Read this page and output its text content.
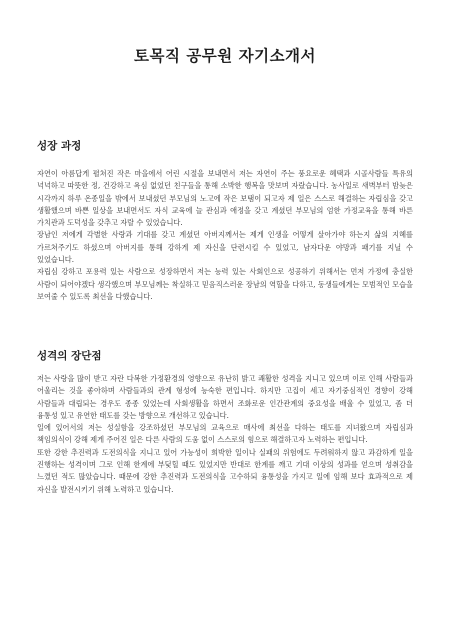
토목직 공무원 자기소개서
성장 과정

자연이 아름답게 펼쳐진 작은 마을에서 어린 시절을 보내면서 저는 자연이 주는 풍요로운 혜택과 시골사람들 특유의 넉넉하고 따뜻한 정, 건강하고 욕심 없었던 친구들을 통해 소박한 행복을 맛보며 자랐습니다. 농사일로 새벽부터 밤늦은 시각까지 하루 온종일을 밖에서 보내셨던 부모님의 노고에 작은 보탬이 되고자 제 일은 스스로 해결하는 자립심을 갖고 생활했으며 바쁜 일상을 보내면서도 자식 교육에 늘 관심과 애정을 갖고 계셨던 부모님의 엄한 가정교육을 통해 바른 가치관과 도덕성을 갖추고 자랄 수 있었습니다.

장남인 저에게 각별한 사랑과 기대를 갖고 계셨던 아버지께서는 제게 인생을 어떻게 살아가야 하는지 삶의 지혜를 가르쳐주기도 하셨으며 아버지를 통해 강하게 제 자신을 단련시킬 수 있었고, 남자다운 야망과 패기를 지닐 수 있었습니다.

자립심 강하고 포용력 있는 사람으로 성장하면서 저는 능력 있는 사회인으로 성공하기 위해서는 먼저 가정에 충실한 사람이 되어야겠다 생각했으며 부모님께는 착실하고 믿음직스러운 장남의 역할을 다하고, 동생들에게는 모범적인 모습을 보여줄 수 있도록 최선을 다했습니다.

성격의 장단점

저는 사랑을 많이 받고 자란 다복한 가정환경의 영향으로 유난히 밝고 쾌활한 성격을 지니고 있으며 이로 인해 사람들과 어울리는 것을 좋아하며 사람들과의 관계 형성에 능숙한 편입니다. 하지만 고집이 세고 자기중심적인 경향이 강해 사람들과 대립되는 경우도 종종 있었는데 사회생활을 하면서 조화로운 인간관계의 중요성을 배울 수 있었고, 좀 더 융통성 있고 유연한 태도를 갖는 방향으로 개선하고 있습니다.

일에 있어서의 저는 성실함을 강조하셨던 부모님의 교육으로 매사에 최선을 다하는 태도를 지녀왔으며 자립심과 책임의식이 강해 제게 주어진 일은 다른 사람의 도움 없이 스스로의 힘으로 해결하고자 노력하는 편입니다.

또한 강한 추진력과 도전의식을 지니고 있어 가능성이 희박한 일이나 실패의 위험에도 두려워하지 않고 과감하게 일을 진행하는 성격이며 그로 인해 한계에 부딪힐 때도 있었지만 반대로 한계를 깨고 기대 이상의 성과를 얻으며 성취감을 느꼈던 적도 많았습니다. 때문에 강한 추진력과 도전의식을 고수하되 융통성을 가지고 일에 임해 보다 효과적으로 제 자신을 발전시키기 위해 노력하고 있습니다.
